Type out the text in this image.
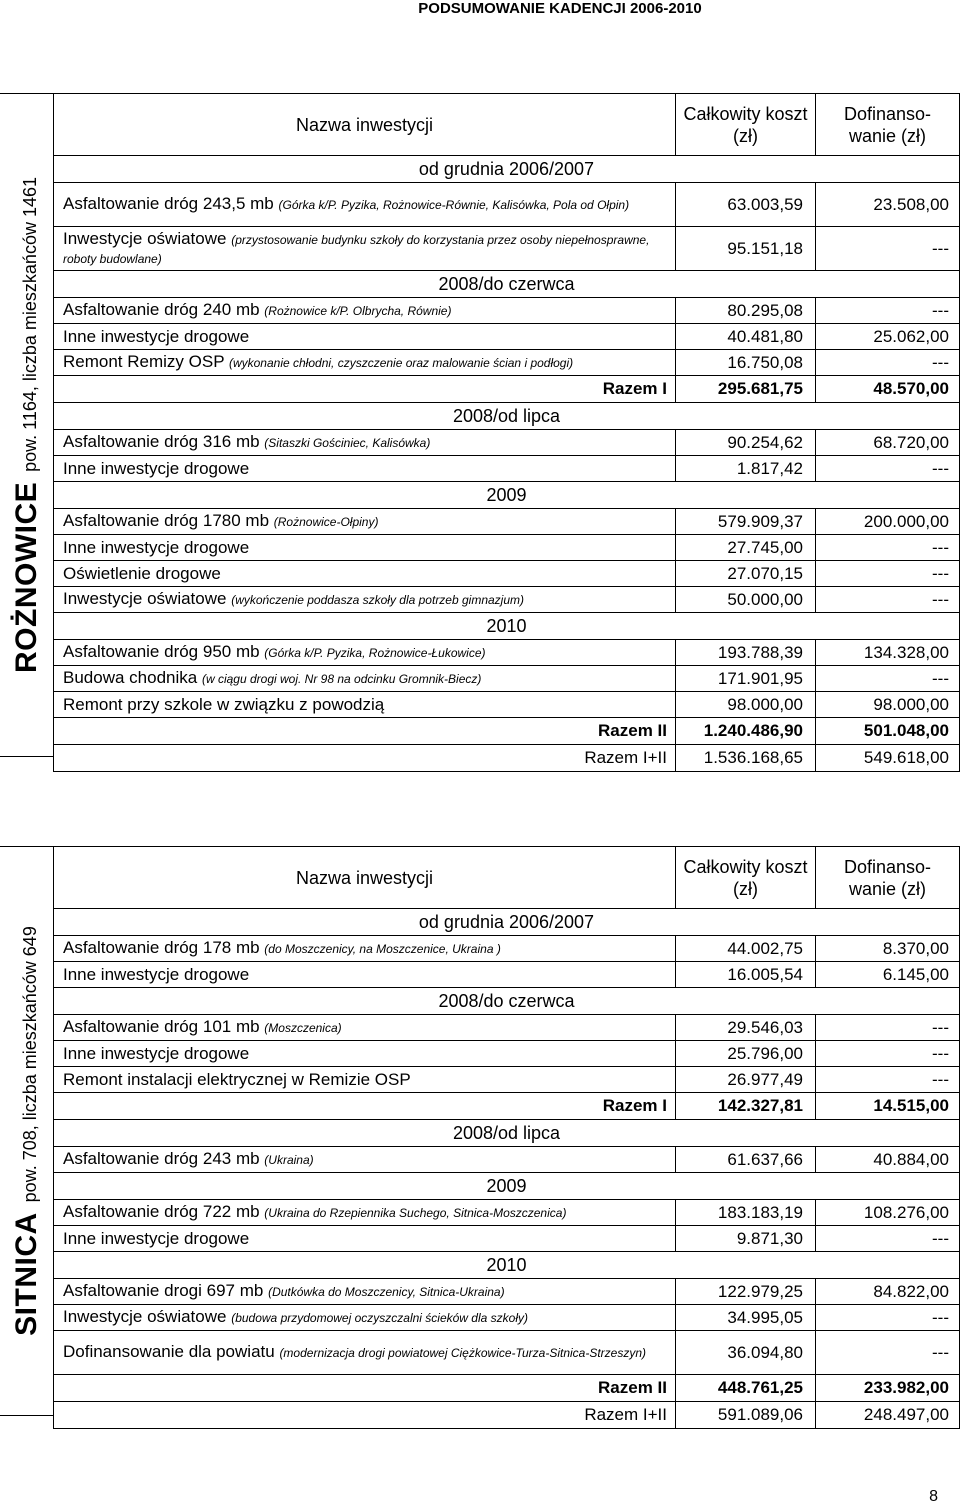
PODSUMOWANIE KADENCJI 2006-2010
ROŻNOWICEpow. 1164, liczba mieszkańców 1461
Nazwa inwestycji	Całkowity koszt (zł)	Dofinanso-wanie (zł)
od grudnia 2006/2007		
Asfaltowanie dróg 243,5 mb (Górka k/P. Pyzika, Rożnowice-Równie, Kalisówka, Pola od Ołpin)	63.003,59	23.508,00
Inwestycje oświatowe (przystosowanie budynku szkoły do korzystania przez osoby niepełnosprawne, roboty budowlane)	95.151,18	---
2008/do czerwca		
Asfaltowanie dróg 240 mb (Rożnowice k/P. Olbrycha, Równie)	80.295,08	---
Inne inwestycje drogowe	40.481,80	25.062,00
Remont Remizy OSP (wykonanie chłodni, czyszczenie oraz malowanie ścian i podłogi)	16.750,08	---
Razem I	295.681,75	48.570,00
2008/od lipca		
Asfaltowanie dróg 316 mb (Sitaszki Gościniec, Kalisówka)	90.254,62	68.720,00
Inne inwestycje drogowe	1.817,42	---
2009		
Asfaltowanie dróg 1780 mb (Rożnowice-Ołpiny)	579.909,37	200.000,00
Inne inwestycje drogowe	27.745,00	---
Oświetlenie drogowe	27.070,15	---
Inwestycje oświatowe (wykończenie poddasza szkoły dla potrzeb gimnazjum)	50.000,00	---
2010		
Asfaltowanie dróg 950 mb (Górka k/P. Pyzika, Rożnowice-Łukowice)	193.788,39	134.328,00
Budowa chodnika (w ciągu drogi woj. Nr 98 na odcinku Gromnik-Biecz)	171.901,95	---
Remont przy szkole w związku z powodzią	98.000,00	98.000,00
Razem II	1.240.486,90	501.048,00
Razem I+II	1.536.168,65	549.618,00
SITNICApow. 708, liczba mieszkańców 649
Nazwa inwestycji	Całkowity koszt (zł)	Dofinanso-wanie (zł)
od grudnia 2006/2007		
Asfaltowanie dróg 178 mb (do Moszczenicy, na Moszczenice, Ukraina )	44.002,75	8.370,00
Inne inwestycje drogowe	16.005,54	6.145,00
2008/do czerwca		
Asfaltowanie dróg 101 mb (Moszczenica)	29.546,03	---
Inne inwestycje drogowe	25.796,00	---
Remont instalacji elektrycznej w Remizie OSP	26.977,49	---
Razem I	142.327,81	14.515,00
2008/od lipca		
Asfaltowanie dróg 243 mb (Ukraina)	61.637,66	40.884,00
2009		
Asfaltowanie dróg 722 mb (Ukraina do Rzepiennika Suchego, Sitnica-Moszczenica)	183.183,19	108.276,00
Inne inwestycje drogowe	9.871,30	---
2010		
Asfaltowanie drogi 697 mb (Dutkówka do Moszczenicy, Sitnica-Ukraina)	122.979,25	84.822,00
Inwestycje oświatowe (budowa przydomowej oczyszczalni ścieków dla szkoły)	34.995,05	---
Dofinansowanie dla powiatu (modernizacja drogi powiatowej Ciężkowice-Turza-Sitnica-Strzeszyn)	36.094,80	---
Razem II	448.761,25	233.982,00
Razem I+II	591.089,06	248.497,00
8
